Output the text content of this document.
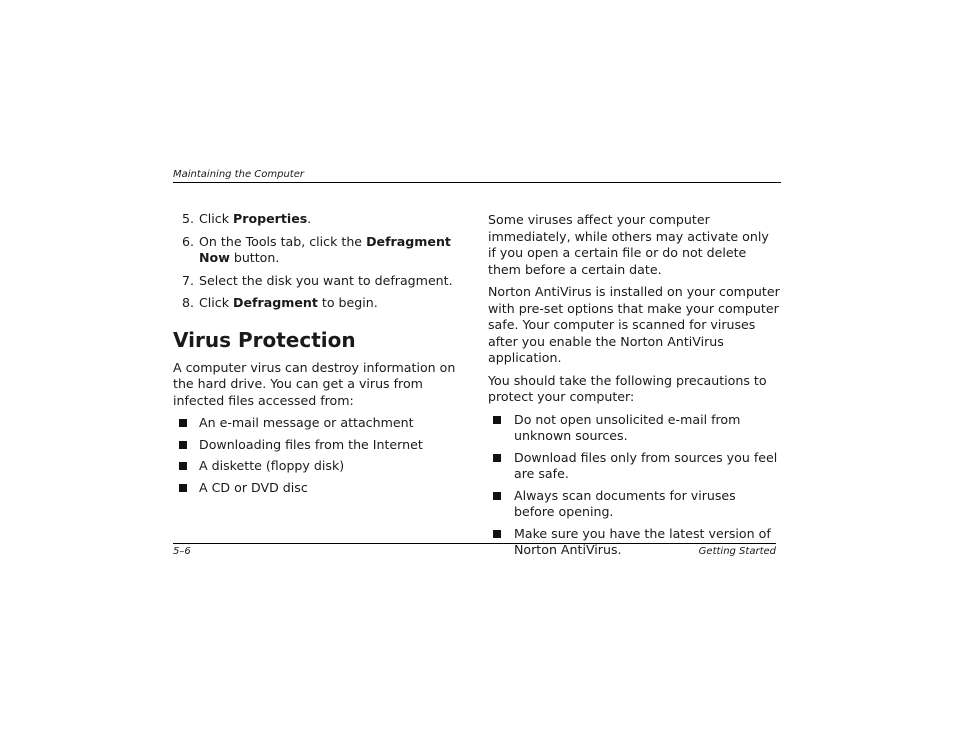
Maintaining the Computer
5. Click Properties.
6. On the Tools tab, click the Defragment Now button.
7. Select the disk you want to defragment.
8. Click Defragment to begin.
Virus Protection

A computer virus can destroy information on the hard drive. You can get a virus from infected files accessed from:

An e-mail message or attachment
Downloading files from the Internet
A diskette (floppy disk)
A CD or DVD disc

Some viruses affect your computer immediately, while others may activate only if you open a certain file or do not delete them before a certain date.

Norton AntiVirus is installed on your computer with pre-set options that make your computer safe. Your computer is scanned for viruses after you enable the Norton AntiVirus application.

You should take the following precautions to protect your computer:

Do not open unsolicited e-mail from unknown sources.
Download files only from sources you feel are safe.
Always scan documents for viruses before opening.
Make sure you have the latest version of Norton AntiVirus.
5–6	Getting Started
